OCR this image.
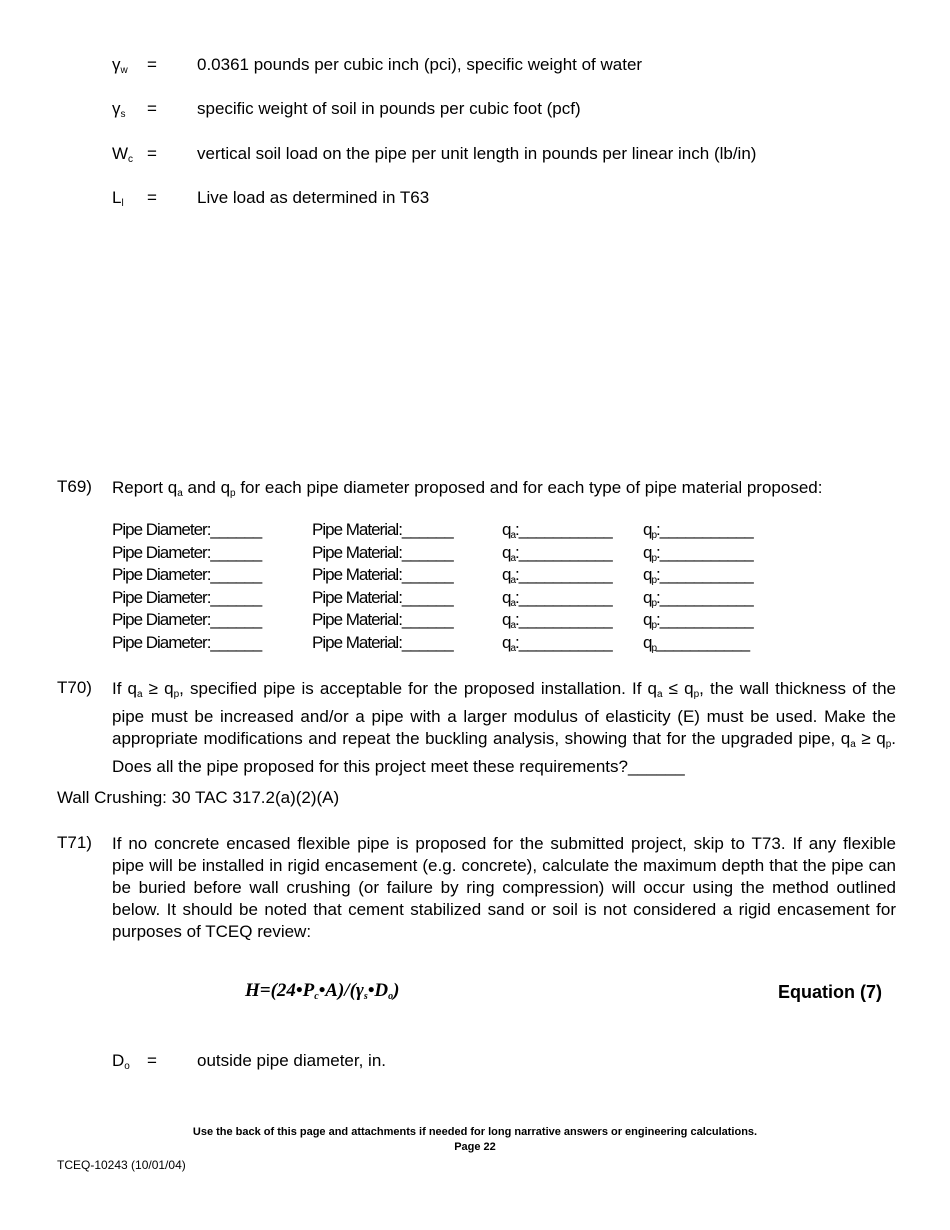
$\gamma_w$	= 0.0361 pounds per cubic inch (pci), specific weight of water
$\gamma_s$	= specific weight of soil in pounds per cubic foot (pcf)
$W_c$ = vertical soil load on the pipe per unit length in pounds per linear inch (lb/in)
$L_l$	= Live load as determined in T63
T69) Report $q_a$ and $q_p$ for each pipe diameter proposed and for each type of pipe material proposed:
Pipe Diameter:______	Pipe Material:______	$q_a:\_\_\_\_\_\_\_\_\_\_\_$ $q_p:\_\_\_\_\_\_\_\_\_\_\_$
Pipe Diameter:______	Pipe Material:______	$q_a:\_\_\_\_\_\_\_\_\_\_\_$ $q_p:\_\_\_\_\_\_\_\_\_\_\_$
Pipe Diameter:______	Pipe Material:______	$q_a:\_\_\_\_\_\_\_\_\_\_\_$ $q_p:\_\_\_\_\_\_\_\_\_\_\_$
Pipe Diameter:______	Pipe Material:______	$q_a:\_\_\_\_\_\_\_\_\_\_\_$ $q_p:\_\_\_\_\_\_\_\_\_\_\_$
Pipe Diameter:______	Pipe Material:______	$q_a:\_\_\_\_\_\_\_\_\_\_\_$ $q_p:\_\_\_\_\_\_\_\_\_\_\_$
Pipe Diameter:______	Pipe Material:______	$q_a:\_\_\_\_\_\_\_\_\_\_\_$ $q_p\_\_\_\_\_\_\_\_\_\_\_$
T70) If $q_a \ge q_p$, specified pipe is acceptable for the proposed installation. If $q_a \le q_p$, the wall thickness of the pipe must be increased and/or a pipe with a larger modulus of elasticity (E) must be used. Make the appropriate modifications and repeat the buckling analysis, showing that for the upgraded pipe, $q_a \ge q_p$. Does all the pipe proposed for this project meet these requirements?______
Wall Crushing: 30 TAC 317.2(a)(2)(A)
T71) If no concrete encased flexible pipe is proposed for the submitted project, skip to T73. If any flexible pipe will be installed in rigid encasement (e.g. concrete), calculate the maximum depth that the pipe can be buried before wall crushing (or failure by ring compression) will occur using the method outlined below. It should be noted that cement stabilized sand or soil is not considered a rigid encasement for purposes of TCEQ review:
$H=(24•P_c•A)/(\gamma_s•D_o)$	Equation (7)
$D_o$	= outside pipe diameter, in.
Use the back of this page and attachments if needed for long narrative answers or engineering calculations.
Page 22
TCEQ-10243 (10/01/04)
